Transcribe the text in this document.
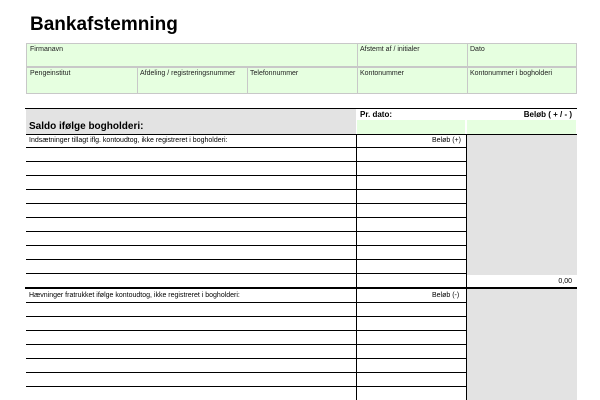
Bankafstemning
Firmanavn	Afstemt af / initialer	Dato
Pengeinstitut	Afdeling / registreringsnummer	Telefonnummer	Kontonummer	Kontonummer i bogholderi
Saldo ifølge bogholderi:
Pr. dato:	Beløb ( + / - )
Indsætninger tillagt iflg. kontoudtog, ikke registreret i bogholderi:	Beløb (+)
0,00
Hævninger fratrukket ifølge kontoudtog, ikke registreret i bogholderi:	Beløb (-)
